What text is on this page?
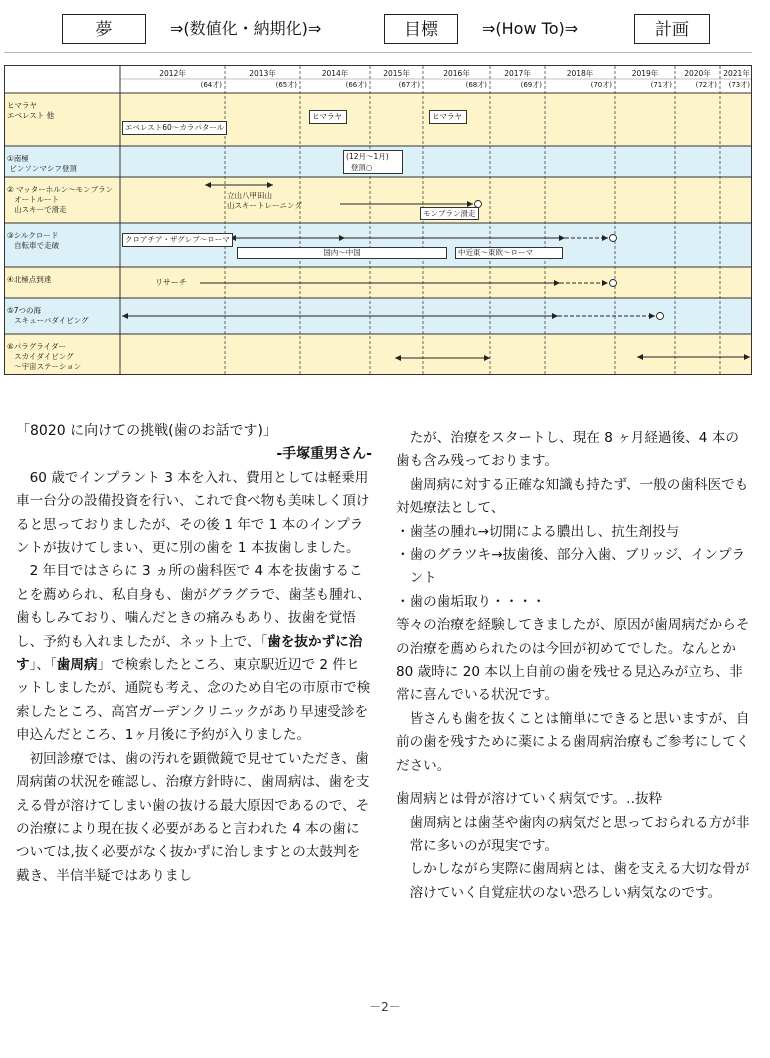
夢	⇒(数値化・納期化)⇒	目標	⇒(How To)⇒	計画
2012年	2013年	2014年	2015年	2016年	2017年	2018年	2019年	2020年	2021年
(64才)	(65才)	(66才)	(67才)	(68才)	(69才)	(70才)	(71才)	(72才)	(73才)
ヒマラヤ
エベレスト 他
①南極
ビンソンマシフ登頂
② マッターホルン～モンブラン
オートルート
山スキーで滑走
③シルクロード
自転車で走破
④北極点到達
⑤7つの海
スキューバダイビング
⑥パラグライダー
スカイダイビング
～宇宙ステーション
エベレスト60～カラパタール
ヒマラヤ	ヒマラヤ
(12月～1月)
登頂○
立山八甲田山
山スキートレーニング
モンブラン滑走
クロアチア・ザグレブ～ローマ
国内～中国	中近東～東欧～ローマ
リサーチ

「8020 に向けての挑戦(歯のお話です)」

-手塚重男さん-

60 歳でインプラント 3 本を入れ、費用としては軽乗用車一台分の設備投資を行い、これで食べ物も美味しく頂けると思っておりましたが、その後 1 年で 1 本のインプラントが抜けてしまい、更に別の歯を 1 本抜歯しました。

2 年目ではさらに 3 ヵ所の歯科医で 4 本を抜歯することを薦められ、私自身も、歯がグラグラで、歯茎も腫れ、歯もしみており、噛んだときの痛みもあり、抜歯を覚悟し、予約も入れましたが、ネット上で、「歯を抜かずに治す」、「歯周病」で検索したところ、東京駅近辺で 2 件ヒットしましたが、通院も考え、念のため自宅の市原市で検索したところ、高宮ガーデンクリニックがあり早速受診を申込んだところ、1ヶ月後に予約が入りました。

初回診療では、歯の汚れを顕微鏡で見せていただき、歯周病菌の状況を確認し、治療方針時に、歯周病は、歯を支える骨が溶けてしまい歯の抜ける最大原因であるので、その治療により現在抜く必要があると言われた 4 本の歯については,抜く必要がなく抜かずに治しますとの太鼓判を戴き、半信半疑ではありまし

たが、治療をスタートし、現在 8 ヶ月経過後、4 本の歯も含み残っております。

歯周病に対する正確な知識も持たず、一般の歯科医でも対処療法として、

・歯茎の腫れ→切開による膿出し、抗生剤投与

・歯のグラツキ→抜歯後、部分入歯、ブリッジ、インプラント

・歯の歯垢取り・・・・

等々の治療を経験してきましたが、原因が歯周病だからその治療を薦められたのは今回が初めてでした。なんとか 80 歳時に 20 本以上自前の歯を残せる見込みが立ち、非常に喜んでいる状況です。

皆さんも歯を抜くことは簡単にできると思いますが、自前の歯を残すために薬による歯周病治療もご参考にしてください。

歯周病とは骨が溶けていく病気です。‥抜粋

歯周病とは歯茎や歯肉の病気だと思っておられる方が非常に多いのが現実です。

しかしながら実際に歯周病とは、歯を支える大切な骨が溶けていく自覚症状のない恐ろしい病気なのです。

－2－
